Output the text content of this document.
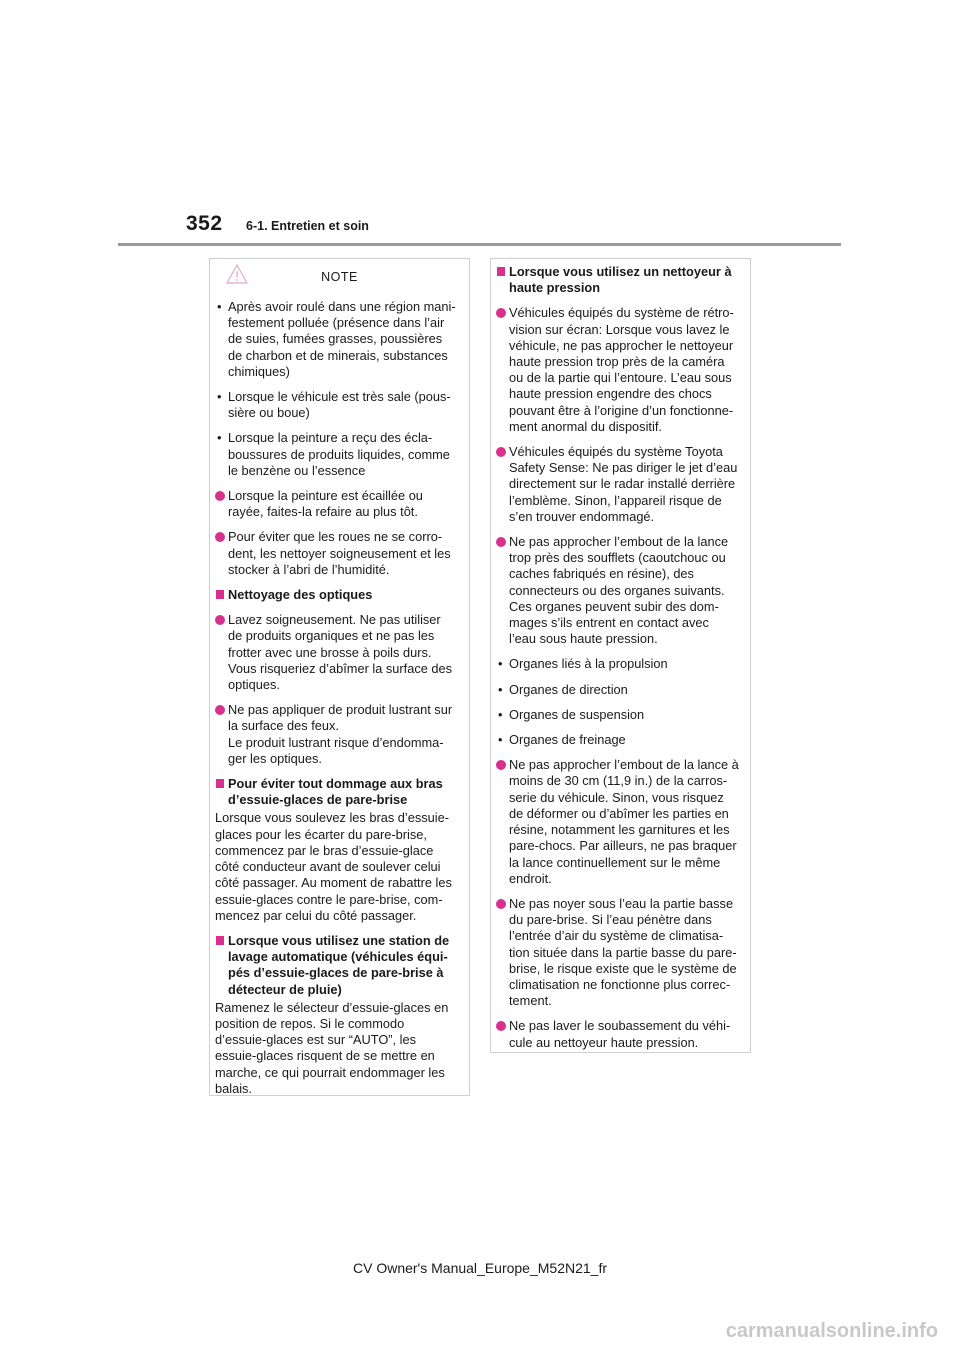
352 6-1. Entretien et soin
NOTE
• Après avoir roulé dans une région mani-
festement polluée (présence dans l’air
de suies, fumées grasses, poussières
de charbon et de minerais, substances
chimiques)
• Lorsque le véhicule est très sale (pous-
sière ou boue)
• Lorsque la peinture a reçu des écla-
boussures de produits liquides, comme
le benzène ou l’essence
Lorsque la peinture est écaillée ou
rayée, faites-la refaire au plus tôt.
Pour éviter que les roues ne se corro-
dent, les nettoyer soigneusement et les
stocker à l’abri de l’humidité.
Nettoyage des optiques
Lavez soigneusement. Ne pas utiliser
de produits organiques et ne pas les
frotter avec une brosse à poils durs.
Vous risqueriez d’abîmer la surface des
optiques.
Ne pas appliquer de produit lustrant sur
la surface des feux.
Le produit lustrant risque d’endomma-
ger les optiques.
Pour éviter tout dommage aux bras
d’essuie-glaces de pare-brise
Lorsque vous soulevez les bras d’essuie-
glaces pour les écarter du pare-brise,
commencez par le bras d’essuie-glace
côté conducteur avant de soulever celui
côté passager. Au moment de rabattre les
essuie-glaces contre le pare-brise, com-
mencez par celui du côté passager.
Lorsque vous utilisez une station de
lavage automatique (véhicules équi-
pés d’essuie-glaces de pare-brise à
détecteur de pluie)
Ramenez le sélecteur d’essuie-glaces en
position de repos. Si le commodo
d’essuie-glaces est sur “AUTO”, les
essuie-glaces risquent de se mettre en
marche, ce qui pourrait endommager les
balais.
Lorsque vous utilisez un nettoyeur à
haute pression
Véhicules équipés du système de rétro-
vision sur écran: Lorsque vous lavez le
véhicule, ne pas approcher le nettoyeur
haute pression trop près de la caméra
ou de la partie qui l’entoure. L’eau sous
haute pression engendre des chocs
pouvant être à l’origine d’un fonctionne-
ment anormal du dispositif.
Véhicules équipés du système Toyota
Safety Sense: Ne pas diriger le jet d’eau
directement sur le radar installé derrière
l’emblème. Sinon, l’appareil risque de
s’en trouver endommagé.
Ne pas approcher l’embout de la lance
trop près des soufflets (caoutchouc ou
caches fabriqués en résine), des
connecteurs ou des organes suivants.
Ces organes peuvent subir des dom-
mages s’ils entrent en contact avec
l’eau sous haute pression.
• Organes liés à la propulsion
• Organes de direction
• Organes de suspension
• Organes de freinage
Ne pas approcher l’embout de la lance à
moins de 30 cm (11,9 in.) de la carros-
serie du véhicule. Sinon, vous risquez
de déformer ou d’abîmer les parties en
résine, notamment les garnitures et les
pare-chocs. Par ailleurs, ne pas braquer
la lance continuellement sur le même
endroit.
Ne pas noyer sous l’eau la partie basse
du pare-brise. Si l’eau pénètre dans
l’entrée d’air du système de climatisa-
tion située dans la partie basse du pare-
brise, le risque existe que le système de
climatisation ne fonctionne plus correc-
tement.
Ne pas laver le soubassement du véhi-
cule au nettoyeur haute pression.
CV Owner's Manual_Europe_M52N21_fr
carmanualsonline.info
